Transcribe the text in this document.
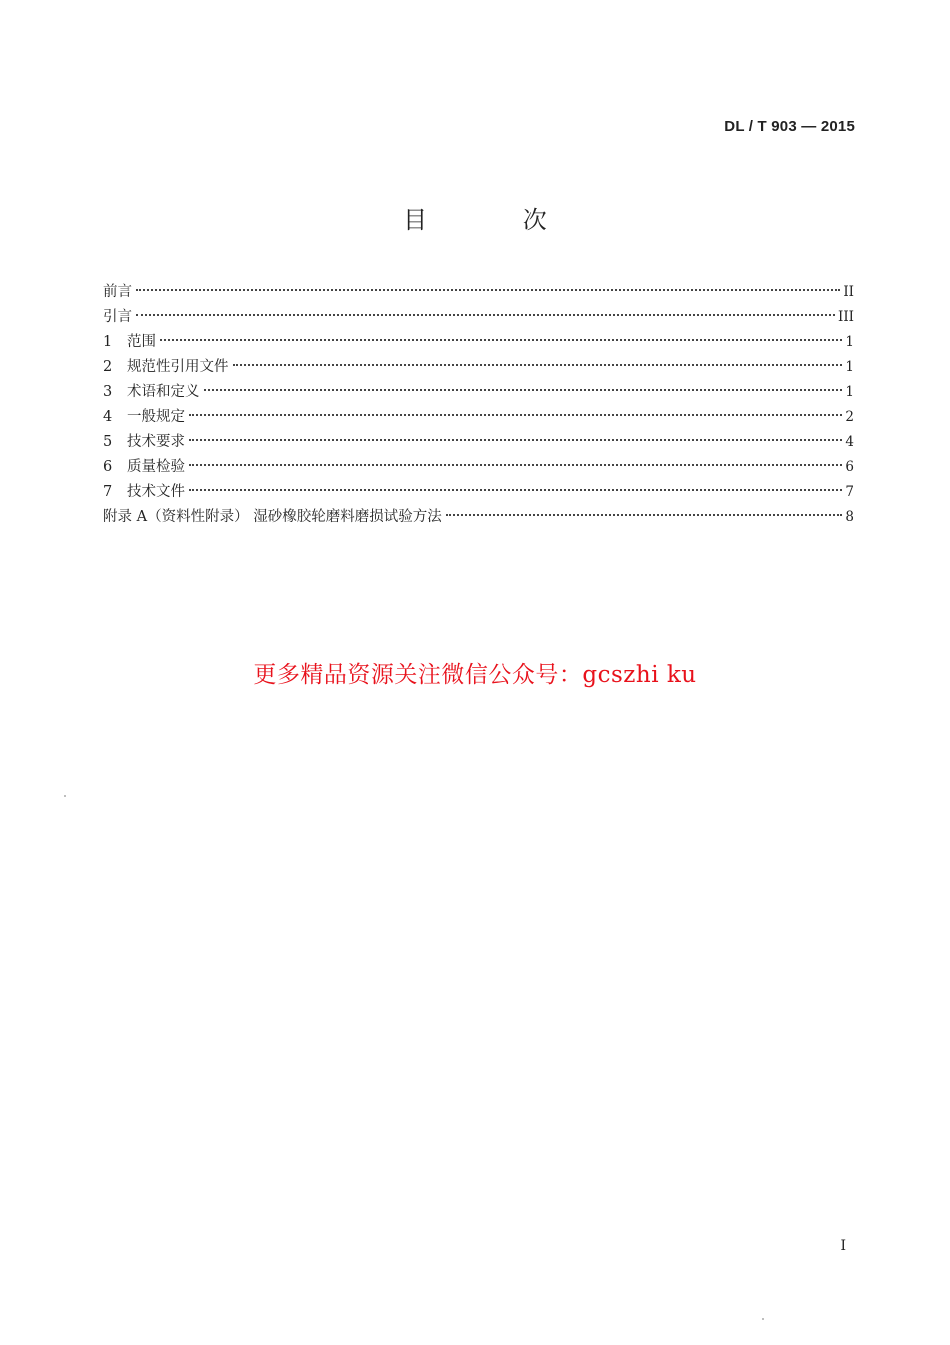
DL / T 903 — 2015
目 次
前言	II
引言	III
1	范围	1
2	规范性引用文件	1
3	术语和定义	1
4	一般规定	2
5	技术要求	4
6	质量检验	6
7	技术文件	7
附录 A（资料性附录） 湿砂橡胶轮磨料磨损试验方法	8
更多精品资源关注微信公众号：gcszhi ku
I
